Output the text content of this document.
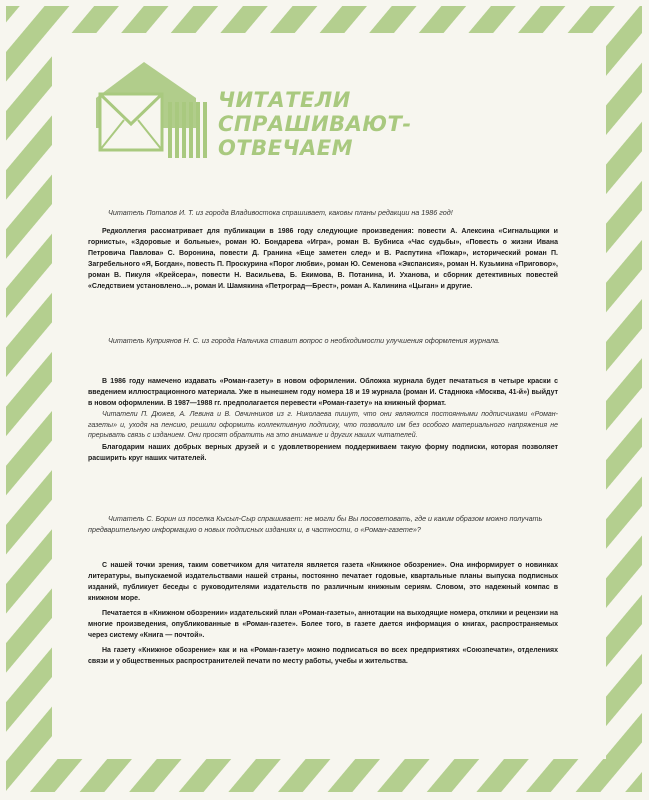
ЧИТАТЕЛИ
СПРАШИВАЮТ-
ОТВЕЧАЕМ

Читатель Потапов И. Т. из города Владивостока спрашивает, каковы планы редакции на 1986 год!

Редколлегия рассматривает для публикации в 1986 году следующие произведения: повести А. Алексина «Сигнальщики и горнисты», «Здоровые и больные», роман Ю. Бондарева «Игра», роман В. Бубниса «Час судьбы», «Повесть о жизни Ивана Петровича Павлова» С. Воронина, повести Д. Гранина «Еще заметен след» и В. Распутина «Пожар», исторический роман П. Загребельного «Я, Богдан», повесть П. Проскурина «Порог любви», роман Ю. Семенова «Экспансия», роман Н. Кузьмина «Приговор», роман В. Пикуля «Крейсера», повести Н. Васильева, Б. Екимова, В. Потанина, И. Уханова, и сборник детективных повестей «Следствием установлено...», роман И. Шамякина «Петроград—Брест», роман А. Калинина «Цыган» и другие.

Читатель Куприянов Н. С. из города Нальчика ставит вопрос о необходимости улучшения оформления журнала.

В 1986 году намечено издавать «Роман-газету» в новом оформлении. Обложка журнала будет печататься в четыре краски с введением иллюстрационного материала. Уже в нынешнем году номера 18 и 19 журнала (роман И. Стаднюка «Москва, 41-й») выйдут в новом оформлении. В 1987—1988 гг. предполагается перевести «Роман-газету» на книжный формат.

Читатели П. Дюжев, А. Левина и В. Овчинников из г. Николаева пишут, что они являются постоянными подписчиками «Роман-газеты» и, уходя на пенсию, решили оформить коллективную подписку, что позволило им без особого материального напряжения не прерывать связь с изданием. Они просят обратить на это внимание и других наших читателей.

Благодарим наших добрых верных друзей и с удовлетворением поддерживаем такую форму подписки, которая позволяет расширить круг наших читателей.

Читатель С. Борин из поселка Кысыл-Сыр спрашивает: не могли бы Вы посоветовать, где и каким образом можно получать предварительную информацию о новых подписных изданиях и, в частности, о «Роман-газете»?

С нашей точки зрения, таким советчиком для читателя является газета «Книжное обозрение». Она информирует о новинках литературы, выпускаемой издательствами нашей страны, постоянно печатает годовые, квартальные планы выпуска подписных изданий, публикует беседы с руководителями издательств по различным книжным сериям. Словом, это надежный компас в книжном море.

Печатается в «Книжном обозрении» издательский план «Роман-газеты», аннотации на выходящие номера, отклики и рецензии на многие произведения, опубликованные в «Роман-газете». Более того, в газете дается информация о книгах, распространяемых через систему «Книга — почтой».

На газету «Книжное обозрение» как и на «Роман-газету» можно подписаться во всех предприятиях «Союзпечати», отделениях связи и у общественных распространителей печати по месту работы, учебы и жительства.
